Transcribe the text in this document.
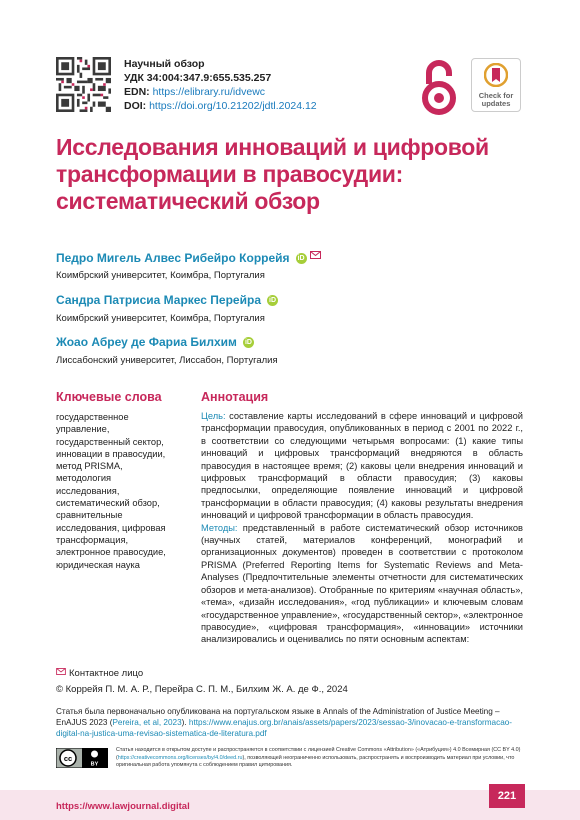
Научный обзор
УДК 34:004:347.9:655.535.257
EDN: https://elibrary.ru/idvewc
DOI: https://doi.org/10.21202/jdtl.2024.12
Check for
updates
Исследования инноваций и цифровой трансформации в правосудии: систематический обзор
Педро Мигель Алвес Рибейро Коррейя iD
Коимбрский университет, Коимбра, Португалия
Сандра Патрисиа Маркес Перейра iD
Коимбрский университет, Коимбра, Португалия
Жоао Абреу де Фариа Билхим iD
Лиссабонский университет, Лиссабон, Португалия
Ключевые слова
государственное управление, государственный сектор, инновации в правосудии, метод PRISMA, методология исследования, систематический обзор, сравнительные исследования, цифровая трансформация, электронное правосудие, юридическая наука
Аннотация
Цель: составление карты исследований в сфере инноваций и цифровой трансформации правосудия, опубликованных в период с 2001 по 2022 г., в соответствии со следующими четырьмя вопросами: (1) какие типы инноваций и цифровых трансформаций внедряются в область правосудия в настоящее время; (2) каковы цели внедрения инноваций и цифровых трансформаций в области правосудия; (3) каковы предпосылки, определяющие появление инноваций и цифровой трансформации в области правосудия; (4) каковы результаты внедрения инноваций и цифровой трансформации в область правосудия.
Методы: представленный в работе систематический обзор источников (научных статей, материалов конференций, монографий и организационных документов) проведен в соответствии с протоколом PRISMA (Preferred Reporting Items for Systematic Reviews and Meta-Analyses (Предпочтительные элементы отчетности для систематических обзоров и мета-анализов). Отобранные по критериям «научная область», «тема», «дизайн исследования», «год публикации» и ключевым словам «государственное управление», «государственный сектор», «электронное правосудие», «цифровая трансформация», «инновации» источники анализировались и оценивались по пяти основным аспектам:
Контактное лицо
© Коррейя П. М. А. Р., Перейра С. П. М., Билхим Ж. А. де Ф., 2024
Статья была первоначально опубликована на португальском языке в Annals of the Administration of Justice Meeting – EnAJUS 2023 (Pereira, et al, 2023). https://www.enajus.org.br/anais/assets/papers/2023/sessao-3/inovacao-e-transformacao-digital-na-justica-uma-revisao-sistematica-de-literatura.pdf
cc
BY
Статья находится в открытом доступе и распространяется в соответствии с лицензией Creative Commons «Attribution» («Атрибуция») 4.0 Всемирная (CC BY 4.0) (https://creativecommons.org/licenses/by/4.0/deed.ru), позволяющей неограниченно использовать, распространять и воспроизводить материал при условии, что оригинальная работа упомянута с соблюдением правил цитирования.
https://www.lawjournal.digital
221
